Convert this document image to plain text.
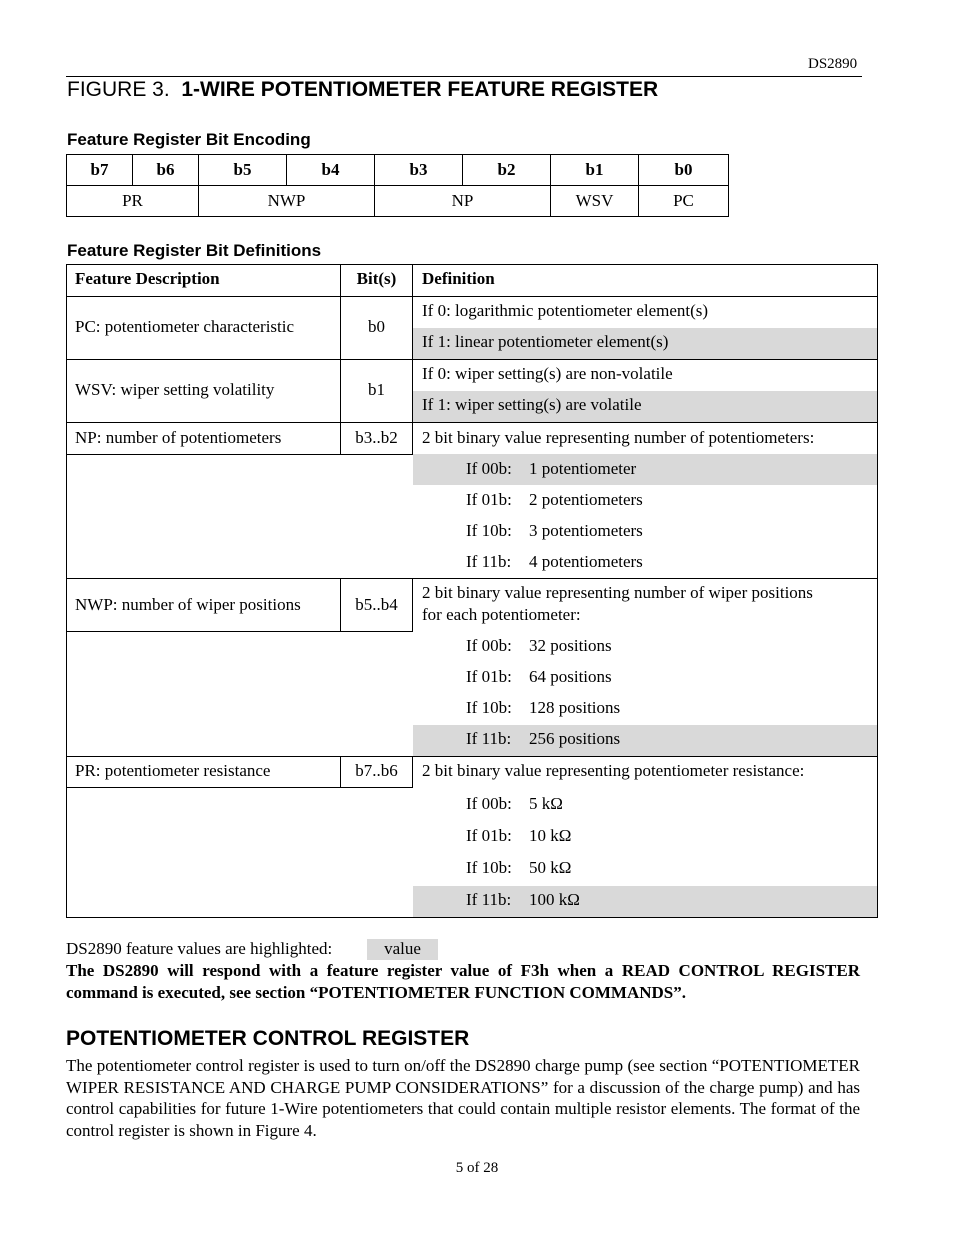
DS2890
FIGURE 3. 1-WIRE POTENTIOMETER FEATURE REGISTER
Feature Register Bit Encoding
b7	b6	b5	b4	b3	b2	b1	b0
PR		NWP		NP		WSV	PC
Feature Register Bit Definitions
Feature Description	Bit(s)	Definition
PC: potentiometer characteristic	b0
If 0: logarithmic potentiometer element(s)
If 1: linear potentiometer element(s)
WSV: wiper setting volatility	b1
If 0: wiper setting(s) are non-volatile
If 1: wiper setting(s) are volatile
NP: number of potentiometers	b3..b2	2 bit binary value representing number of potentiometers:
If 00b: 1 potentiometer
If 01b: 2 potentiometers
If 10b: 3 potentiometers
If 11b: 4 potentiometers
NWP: number of wiper positions	b5..b4
2 bit binary value representing number of wiper positions
for each potentiometer:
If 00b: 32 positions
If 01b: 64 positions
If 10b: 128 positions
If 11b: 256 positions
PR: potentiometer resistance	b7..b6	2 bit binary value representing potentiometer resistance:
If 00b: 5 kΩ
If 01b: 10 kΩ
If 10b: 50 kΩ
If 11b: 100 kΩ
DS2890 feature values are highlighted:	value
The DS2890 will respond with a feature register value of F3h when a READ CONTROL REGISTER command is executed, see section “POTENTIOMETER FUNCTION COMMANDS”.
POTENTIOMETER CONTROL REGISTER
The potentiometer control register is used to turn on/off the DS2890 charge pump (see section “POTENTIOMETER WIPER RESISTANCE AND CHARGE PUMP CONSIDERATIONS” for a discussion of the charge pump) and has control capabilities for future 1-Wire potentiometers that could contain multiple resistor elements. The format of the control register is shown in Figure 4.
5 of 28
